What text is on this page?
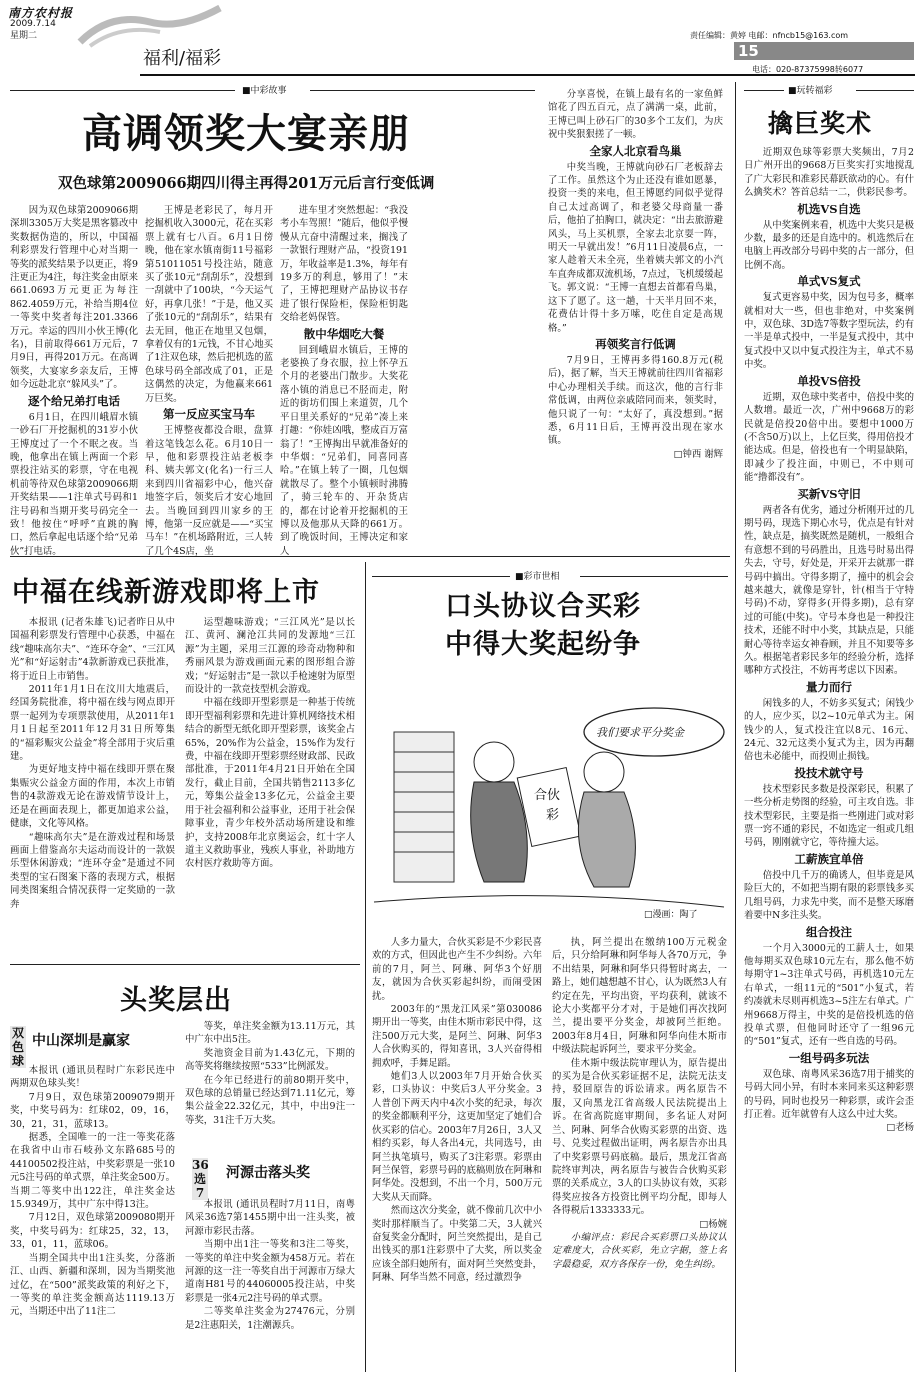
南方农村报
2009.7.14
星期二
福利/福彩
责任编辑：黄婷 电邮：nfncb15@163.com
15
电话：020-87375998转6077
■中彩故事
高调领奖大宴亲朋
双色球第2009066期四川得主再得201万元后言行变低调

因为双色球第2009066期深圳3305万大奖是黑客篡改中奖数据伪造的，所以，中国福利彩票发行管理中心对当期一等奖的派奖结果予以更正，将9注更正为4注，每注奖金由原来661.0693万元更正为每注862.4059万元，补给当期4位一等奖中奖者每注201.3366万元。幸运的四川小伙王博(化名)，目前取得661万元后，7月9日，再得201万元。在高调领奖，大宴家乡亲友后，王博如今远赴北京“躲风头”了。

逐个给兄弟打电话

6月1日，在四川峨眉水镇一砂石厂开挖掘机的31岁小伙王博度过了一个不眠之夜。当晚，他拿出在镇上两面一个彩票投注站买的彩票，守在电视机前等待双色球第2009066期开奖结果——1注单式号码和1注号码和当期开奖号码完全一致！他按住“呼呼”直跳的胸口，然后拿起电话逐个给“兄弟伙”打电话。

王博是老彩民了，每月开挖掘机收入3000元，花在买彩票上就有七八百。6月1日傍晚，他在家水镇南街11号福彩第51011051号投注站，随意买了张10元“刮刮乐”，没想到一刮就中了100块，“今天运气好，再拿几张！”于是，他又买了张10元的“刮刮乐”，结果有去无回，他正在地里又包烟，拿着仅有的1元钱，不甘心地买了1注双色球，然后把机选的蓝色球号码全部改成了01，正是这偶然的决定，为他赢来661万巨奖。

第一反应买宝马车

王博整夜都没合眼，盘算着这笔钱怎么花。6月10日一早，他和彩票投注站老板李科、姨夫郭文(化名)一行三人来到四川省福彩中心，他兴奋地签字后，领奖后才安心地回去。当晚回到四川家乡的王博，他第一反应就是——“买宝马车！”在机场路附近，三人转了几个4S店，坐

进车里才突然想起：“我没考小车驾照！”随后，他似乎慢慢从亢奋中清醒过来，搁浅了一款银行理财产品，“投资191万，年收益率是1.3%，每年有19多万的利息，够用了！”末了，王博把理财产品协议书存进了银行保险柜，保险柜钥匙交给老妈保管。

散中华烟吃大餐

回到峨眉水镇后，王博的老婆换了身衣服，拉上怀孕五个月的老婆出门散步。大奖花落小镇的消息已不胫而走，附近的街坊们围上来道贺，几个平日里关系好的“兄弟”凑上来打趣：“你娃凶哦，整成百万富翁了！”王博掏出早就准备好的中华烟：“兄弟们，同喜同喜哈。”在镇上转了一圈，几包烟就散尽了。整个小镇顿时沸腾了，骑三轮车的、开杂货店的，都在讨论着开挖掘机的王博以及他那从天降的661万。到了晚饭时间，王博决定和家人

分享喜悦，在镇上最有名的一家鱼鲜馆花了四五百元，点了满满一桌，此前，王博已叫上砂石厂的30多个工友们，为庆祝中奖狠狠搓了一顿。

全家人北京看鸟巢

中奖当晚，王博就向砂石厂老板辞去了工作。虽然这个为止还没有谁如愿暴，投资一类的来电，但王博愿约同似乎觉得自己太过高调了，和老婆父母商量一番后，他拍了拍胸口，就决定：“出去旅游避风头，马上买机票，全家去北京耍一阵，明天一早就出发！”6月11日凌晨6点，一家人趁着天未全亮，坐着姨夫郭文的小汽车直奔成都双流机场，7点过，飞机缓缓起飞。郭文说：“王博一直想去首都看鸟巢，这下了愿了。这一趟，十天半月回不来，花费估计得十多万嗦，吃住自定是高规格。”

再领奖言行低调

7月9日，王博再多得160.8万元(税后)，据了解，当天王博就前往四川省福彩中心办理相关手续。而这次，他的言行非常低调，由两位亲戚陪同而来，领奖时，他只说了一句：“太好了，真没想到。”据悉，6月11日后，王博再没出现在家水镇。

□钟西 谢辉
中福在线新游戏即将上市

本报讯 (记者朱雄飞)记者昨日从中国福利彩票发行管理中心获悉，中福在线“趣味高尔夫”、“连环夺金”、“三江风光”和“好运射击”4款新游戏已获批准，将于近日上市销售。

2011年1月1日在汶川大地震后，经国务院批准，将中福在线与网点即开票一起列为专项票款使用，从2011年1月1日起至2011年12月31日所筹集的“福彩赈灾公益金”将全部用于灾后重建。

为更好地支持中福在线即开票在聚集赈灾公益金方面的作用，本次上市销售的4款游戏无论在游戏情节设计上，还是在画面表现上，都更加追求公益，健康，文化等风格。

“趣味高尔夫”是在游戏过程和场景画面上借鉴高尔夫运动而设计的一款娱乐型休闲游戏；“连环夺金”是通过不同类型的宝石图案下落的表现方式，根据同类图案组合情况获得一定奖励的一款奔

运型趣味游戏；“三江风光”是以长江、黄河、澜沧江共同的发源地“三江源”为主题，采用三江源的珍奇动物种和秀丽风景为游戏画面元素的图形组合游戏；“好运射击”是一款以手枪速射为原型而设计的一款竞技型机会游戏。

中福在线即开型彩票是一种基于传统即开型福利彩票和先进计算机网络技术相结合的新型无纸化即开型彩票，该奖金占65%，20%作为公益金，15%作为发行费，中福在线即开型彩票经财政部、民政部批准，于2011年4月21日开始在全国发行，截止目前，全国共销售2113多亿元，筹集公益金13多亿元，公益金主要用于社会福利和公益事业，还用于社会保障事业，青少年校外活动场所建设和维护，支持2008年北京奥运会，红十字人道主义救助事业，残疾人事业，补助地方农村医疗救助等方面。

■彩市世相
口头协议合买彩
中得大奖起纷争
我们要求平分奖金
合伙
彩
□漫画：陶了

人多力量大，合伙买彩是不少彩民喜欢的方式，但因此也产生不少纠纷。六年前的7月，阿兰、阿琳、阿华3个好朋友，就因为合伙买彩起纠纷，而闹受困扰。

2003年的“黑龙江风采”第030086期开出一等奖，由佳木斯市彩民中得，这注500万元大奖，是阿兰、阿琳、阿华3人合伙购买的，得知喜讯，3人兴奋得相拥欢呼，手舞足蹈。

她们3人以2003年7月开始合伙买彩，口头协议：中奖后3人平分奖金。3人普创下两天内中4次小奖的纪录，每次的奖金都顺利平分，这更加坚定了她们合伙买彩的信心。2003年7月26日，3人又相约买彩，每人各出4元，共同选号，由阿兰执笔填号，购买了3注彩票。彩票由阿兰保管，彩票号码的底稿则放在阿琳和阿华处。没想到，不出一个月，500万元大奖从天而降。

然而这次分奖金，就不像前几次中小奖时那样顺当了。中奖第二天，3人就兴奋复奖金分配时，阿兰突然提出，是自己出钱买的那1注彩票中了大奖，所以奖金应该全部归她所有，面对阿兰突然变卦，阿琳、阿华当然不同意，经过激烈争

执，阿兰提出在缴纳100万元税金后，只分给阿琳和阿华每人各70万元，争不出结果，阿琳和阿华只得暂时离去，一路上，她们越想越不甘心，认为既然3人有约定在先，平均出资，平均获利，就该不论大小奖都平分才对，于是她们再次找阿兰，提出要平分奖金，却被阿兰拒绝。2003年8月4日，阿琳和阿华向佳木斯市中级法院起诉阿兰，要求平分奖金。

佳木斯中级法院审理认为，原告提出的买为是合伙买彩证据不足，法院无法支持，驳回原告的诉讼请求。两名原告不服，又向黑龙江省高级人民法院提出上诉。在省高院庭审期间，多名证人对阿兰、阿琳、阿华合伙购买彩票的出资、选号、兑奖过程做出证明，两名原告亦出具了中奖彩票号码底稿。最后，黑龙江省高院终审判决，两名原告与被告合伙购买彩票的关系成立，3人的口头协议有效，买彩得奖应按各方投资比例平均分配，即每人各得税后1333333元。

□杨婉

小编评点：彩民合买彩票口头协议认定难度大，合伙买彩，先立字据，签上名字最稳妥，双方各保存一份，免生纠纷。

头奖层出
双色球
中山深圳是赢家

本报讯 (通讯员程时广东彩民连中两期双色球头奖！

7月9日，双色球第2009079期开奖，中奖号码为：红球02，09，16，30，21，31，蓝球13。

据悉，全国唯一的一注一等奖花落在我省中山市石岐孙文东路685号的44100502投注站，中奖彩票是一张10元5注号码的单式票，单注奖金500万。当期二等奖中出122注，单注奖金达15.9349万，其中广东中得13注。

7月12日，双色球第2009080期开奖，中奖号码为：红球25，32，13，33，01，11，蓝球06。

当期全国共中出1注头奖，分落浙江、山西、新疆和深圳，因为当期奖池过亿，在“500”派奖政策的利好之下，一等奖的单注奖金额高达1119.13万元，当期还中出了11注二

等奖，单注奖金额为13.11万元，其中广东中出5注。

奖池资金目前为1.43亿元，下期的高等奖将继续按照“533”比例派发。

在今年已经进行的前80期开奖中，双色球的总销量已经达到71.11亿元，筹集公益金22.32亿元，其中，中出9注一等奖，31注千万大奖。

36选7
河源击落头奖

本报讯 (通讯员程时7月11日，南粤风采36选7第1455期中出一注头奖，被河源市彩民击落。

当期中出1注一等奖和3注二等奖，一等奖的单注中奖金额为458万元。若在河源的这一注一等奖自出于河源市万绿大道南H81号的44060005投注站，中奖彩票是一张4元2注号码的单式票。

二等奖单注奖金为27476元，分别是2注惠阳关，1注潮源兵。

■玩转福彩
擒巨奖术

近期双色球等彩票大奖频出，7月2日广州开出的9668万巨奖实打实地搅乱了广大彩民和准彩民幕跃欲动的心。有什么擒奖术？答首总结一二，供彩民参考。

机选VS自选

从中奖案例来看，机选中大奖只是极少数，最多的还是自选中的。机选然后在电脑上再改部分号码中奖的占一部分，但比例不高。

单式VS复式

复式更容易中奖，因为包号多，概率就相对大一些，但也非绝对，中奖案例中，双色球、3D选7等数字型玩法，约有一半是单式投中，一半是复式投中，其中复式投中又以中复式投注为主，单式不易中奖。

单投VS倍投

近期，双色球中奖者中，倍投中奖的人数增。最近一次，广州中9668万的彩民就是倍投20倍中出。要想中1000万(不含50万)以上，上亿巨奖，得用倍投才能达成。但是，倍投也有一个明显缺陷，即减少了投注面，中则已，不中则可能“撸都没有”。

买新VS守旧

两者各有优劣，通过分析刚开过的几期号码，现选下期心水号，优点是有针对性，缺点是，搞奖既然是随机，一般组合有意想不到的号码胜出，且选号时易出得失去，守号，好处是，开采开去就那一群号码中搞出。守得多期了，撞中的机会会越来越大，就像是穿针，针(相当于守特号码)不动，穿得多(开得多期)，总有穿过的可能(中奖)。守号本身也是一种投注技术，还能不时中小奖，其缺点是，只能耐心等待幸运女神眷顾，并且不知要等多久。根据笔者彩民多年的经验分析，选择哪种方式投注，不妨再考虑以下因素。

量力而行

闲钱多的人，不妨多买复式；闲钱少的人，应少买，以2~10元单式为主。闲钱少的人，复式投注宜以8元、16元、24元、32元这类小复式为主，因为再翻倍也未必能中，而投则止损钱。

投技术就守号

技术型彩民多数是投深彩民，积累了一些分析走势图的经验，可主攻自选。非技术型彩民，主要是指一些刚进门或对彩票一窍不通的彩民，不如选定一组或几组号码，刚刚就守它，等待撞大运。

工薪族宜单倍

倍投中几千万的确诱人，但毕竟是风险巨大的，不如把当期有限的彩票钱多买几组号码，力求先中奖，而不是整天琢磨着要中N多注头奖。

组合投注

一个月入3000元的工薪人士，如果他每期买双色球10元左右，那么他不妨每期守1~3注单式号码，再机选10元左右单式，一组11元的“501”小复式，若约凑就未尽则再机选3~5注左右单式。广州9668万得主，中奖的是倍投机选的倍投单式票，但他同时还守了一组96元的“501”复式，还有一些自选的号码。

一组号码多玩法

双色球、南粤风采36选7用于捕奖的号码大同小异，有时本来同来买这种彩票的号码，同时也投另一种彩票，或许会歪打正着。近年就曾有人这么中过大奖。

□老杨
